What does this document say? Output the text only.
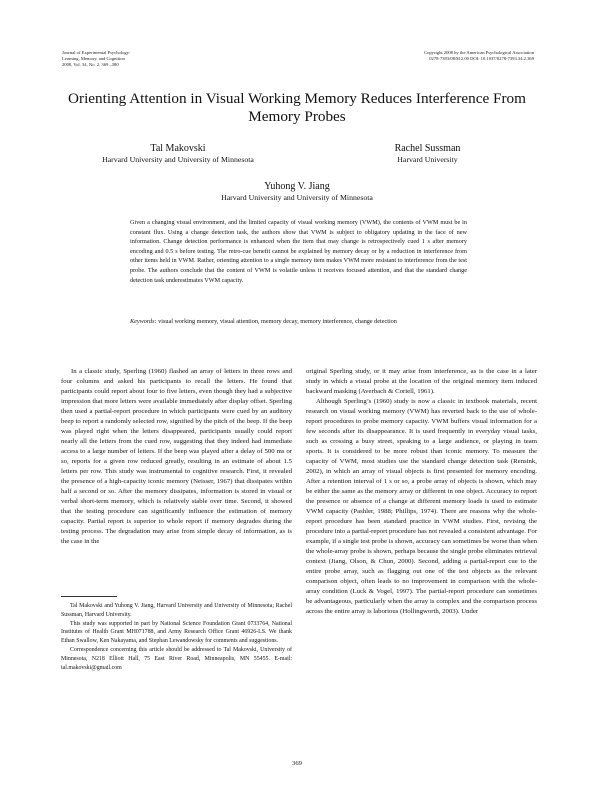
Journal of Experimental Psychology:
Learning, Memory, and Cognition
2008, Vol. 34, No. 2, 369 –380
Copyright 2008 by the American Psychological Association
0278-7393/08/$12.00 DOI: 10.1037/0278-7393.34.2.369
Orienting Attention in Visual Working Memory Reduces Interference From Memory Probes
Tal Makovski
Harvard University and University of Minnesota
Rachel Sussman
Harvard University
Yuhong V. Jiang
Harvard University and University of Minnesota
Given a changing visual environment, and the limited capacity of visual working memory (VWM), the contents of VWM must be in constant flux. Using a change detection task, the authors show that VWM is subject to obligatory updating in the face of new information. Change detection performance is enhanced when the item that may change is retrospectively cued 1 s after memory encoding and 0.5 s before testing. The retro-cue benefit cannot be explained by memory decay or by a reduction in interference from other items held in VWM. Rather, orienting attention to a single memory item makes VWM more resistant to interference from the test probe. The authors conclude that the content of VWM is volatile unless it receives focused attention, and that the standard change detection task underestimates VWM capacity.
Keywords: visual working memory, visual attention, memory decay, memory interference, change detection

In a classic study, Sperling (1960) flashed an array of letters in three rows and four columns and asked his participants to recall the letters. He found that participants could report about four to five letters, even though they had a subjective impression that more letters were available immediately after display offset. Sperling then used a partial-report procedure in which participants were cued by an auditory beep to report a randomly selected row, signified by the pitch of the beep. If the beep was played right when the letters disappeared, participants usually could report nearly all the letters from the cued row, suggesting that they indeed had immediate access to a large number of letters. If the beep was played after a delay of 500 ms or so, reports for a given row reduced greatly, resulting in an estimate of about 1.5 letters per row. This study was instrumental to cognitive research. First, it revealed the presence of a high-capacity iconic memory (Neisser, 1967) that dissipates within half a second or so. After the memory dissipates, information is stored in visual or verbal short-term memory, which is relatively stable over time. Second, it showed that the testing procedure can significantly influence the estimation of memory capacity. Partial report is superior to whole report if memory degrades during the testing process. The degradation may arise from simple decay of information, as is the case in the

Tal Makovski and Yuhong V. Jiang, Harvard University and University of Minnesota; Rachel Sussman, Harvard University.

This study was supported in part by National Science Foundation Grant 0733764, National Institutes of Health Grant MH071788, and Army Research Office Grant 46926-LS. We thank Ethan Swallow, Ken Nakayama, and Stephan Lewandowsky for comments and suggestions.

Correspondence concerning this article should be addressed to Tal Makovski, University of Minnesota, N218 Elliott Hall, 75 East River Road, Minneapolis, MN 55455. E-mail: tal.makovski@gmail.com

original Sperling study, or it may arise from interference, as is the case in a later study in which a visual probe at the location of the original memory item induced backward masking (Averbach & Coriell, 1961).

Although Sperling’s (1960) study is now a classic in textbook materials, recent research on visual working memory (VWM) has reverted back to the use of whole-report procedures to probe memory capacity. VWM buffers visual information for a few seconds after its disappearance. It is used frequently in everyday visual tasks, such as crossing a busy street, speaking to a large audience, or playing in team sports. It is considered to be more robust than iconic memory. To measure the capacity of VWM, most studies use the standard change detection task (Rensink, 2002), in which an array of visual objects is first presented for memory encoding. After a retention interval of 1 s or so, a probe array of objects is shown, which may be either the same as the memory array or different in one object. Accuracy to report the presence or absence of a change at different memory loads is used to estimate VWM capacity (Pashler, 1988; Phillips, 1974). There are reasons why the whole-report procedure has been standard practice in VWM studies. First, revising the procedure into a partial-report procedure has not revealed a consistent advantage. For example, if a single test probe is shown, accuracy can sometimes be worse than when the whole-array probe is shown, perhaps because the single probe eliminates retrieval context (Jiang, Olson, & Chun, 2000). Second, adding a partial-report cue to the entire probe array, such as flagging out one of the test objects as the relevant comparison object, often leads to no improvement in comparison with the whole-array condition (Luck & Vogel, 1997). The partial-report procedure can sometimes be advantageous, particularly when the array is complex and the comparison process across the entire array is laborious (Hollingworth, 2003). Under

369
